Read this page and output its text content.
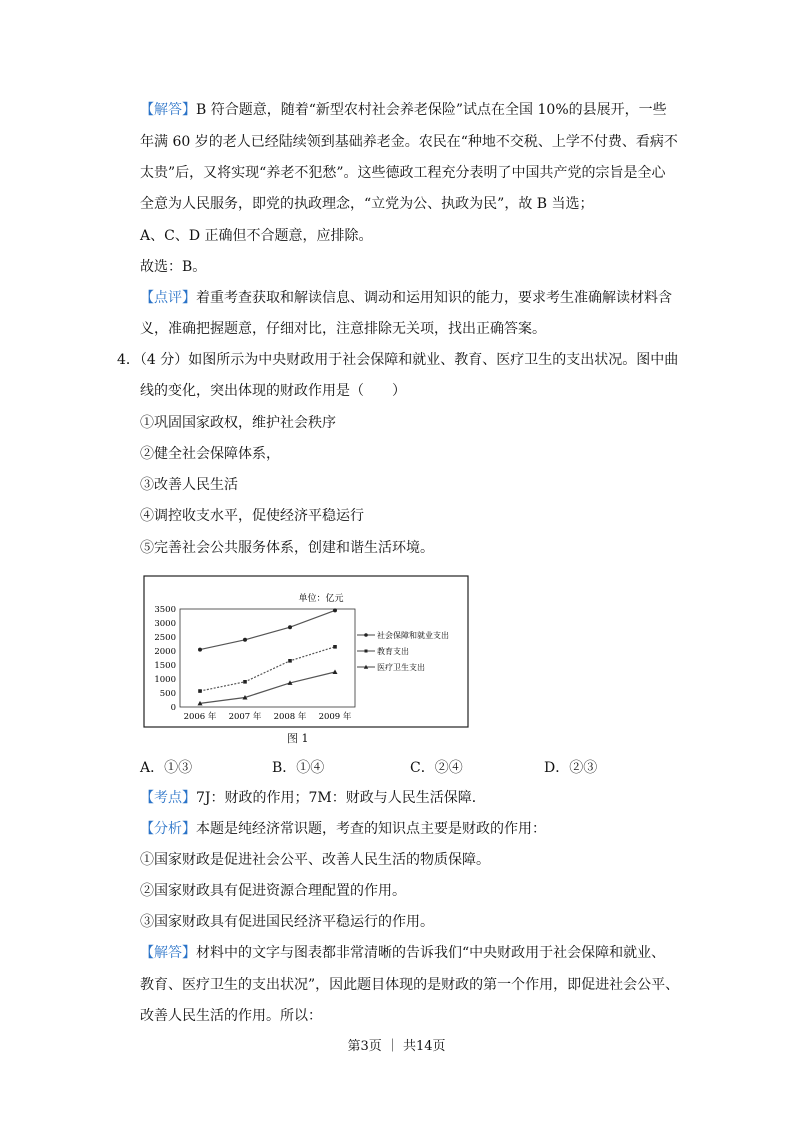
【解答】B 符合题意，随着“新型农村社会养老保险”试点在全国 10%的县展开，一些
年满 60 岁的老人已经陆续领到基础养老金。农民在“种地不交税、上学不付费、看病不
太贵”后，又将实现“养老不犯愁”。这些德政工程充分表明了中国共产党的宗旨是全心
全意为人民服务，即党的执政理念，“立党为公、执政为民”，故 B 当选；
A、C、D 正确但不合题意，应排除。
故选：B。
【点评】着重考查获取和解读信息、调动和运用知识的能力，要求考生准确解读材料含
义，准确把握题意，仔细对比，注意排除无关项，找出正确答案。
4．（4 分）如图所示为中央财政用于社会保障和就业、教育、医疗卫生的支出状况。图中曲
线的变化，突出体现的财政作用是（　　）
①巩固国家政权，维护社会秩序
②健全社会保障体系，
③改善人民生活
④调控收支水平，促使经济平稳运行
⑤完善社会公共服务体系，创建和谐生活环境。
单位：亿元
3500
3000
2500
2000
1500
1000
500
0
2006 年 2007 年 2008 年 2009 年
社会保障和就业支出
教育支出
医疗卫生支出
图 1
A．①③	B．①④	C．②④	D．②③
【考点】7J：财政的作用；7M：财政与人民生活保障．
【分析】本题是纯经济常识题，考查的知识点主要是财政的作用：
①国家财政是促进社会公平、改善人民生活的物质保障。
②国家财政具有促进资源合理配置的作用。
③国家财政具有促进国民经济平稳运行的作用。
【解答】材料中的文字与图表都非常清晰的告诉我们“中央财政用于社会保障和就业、
教育、医疗卫生的支出状况”，因此题目体现的是财政的第一个作用，即促进社会公平、
改善人民生活的作用。所以：
第3页 ｜ 共14页
